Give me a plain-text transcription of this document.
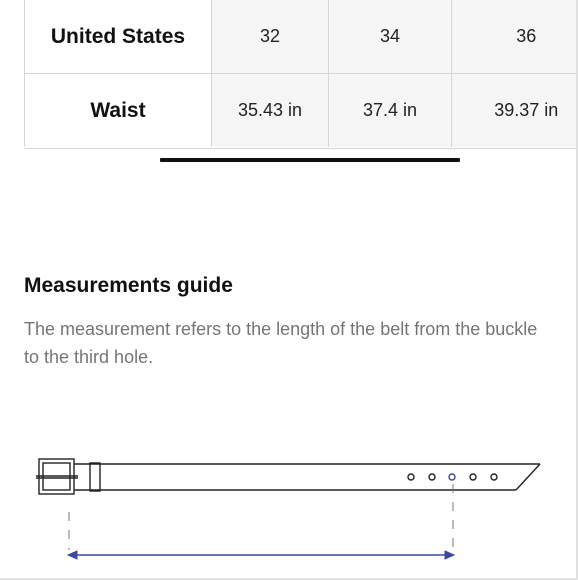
United States	32	34	36
Waist	35.43 in	37.4 in	39.37 in
Measurements guide

The measurement refers to the length of the belt from the buckle to the third hole.
